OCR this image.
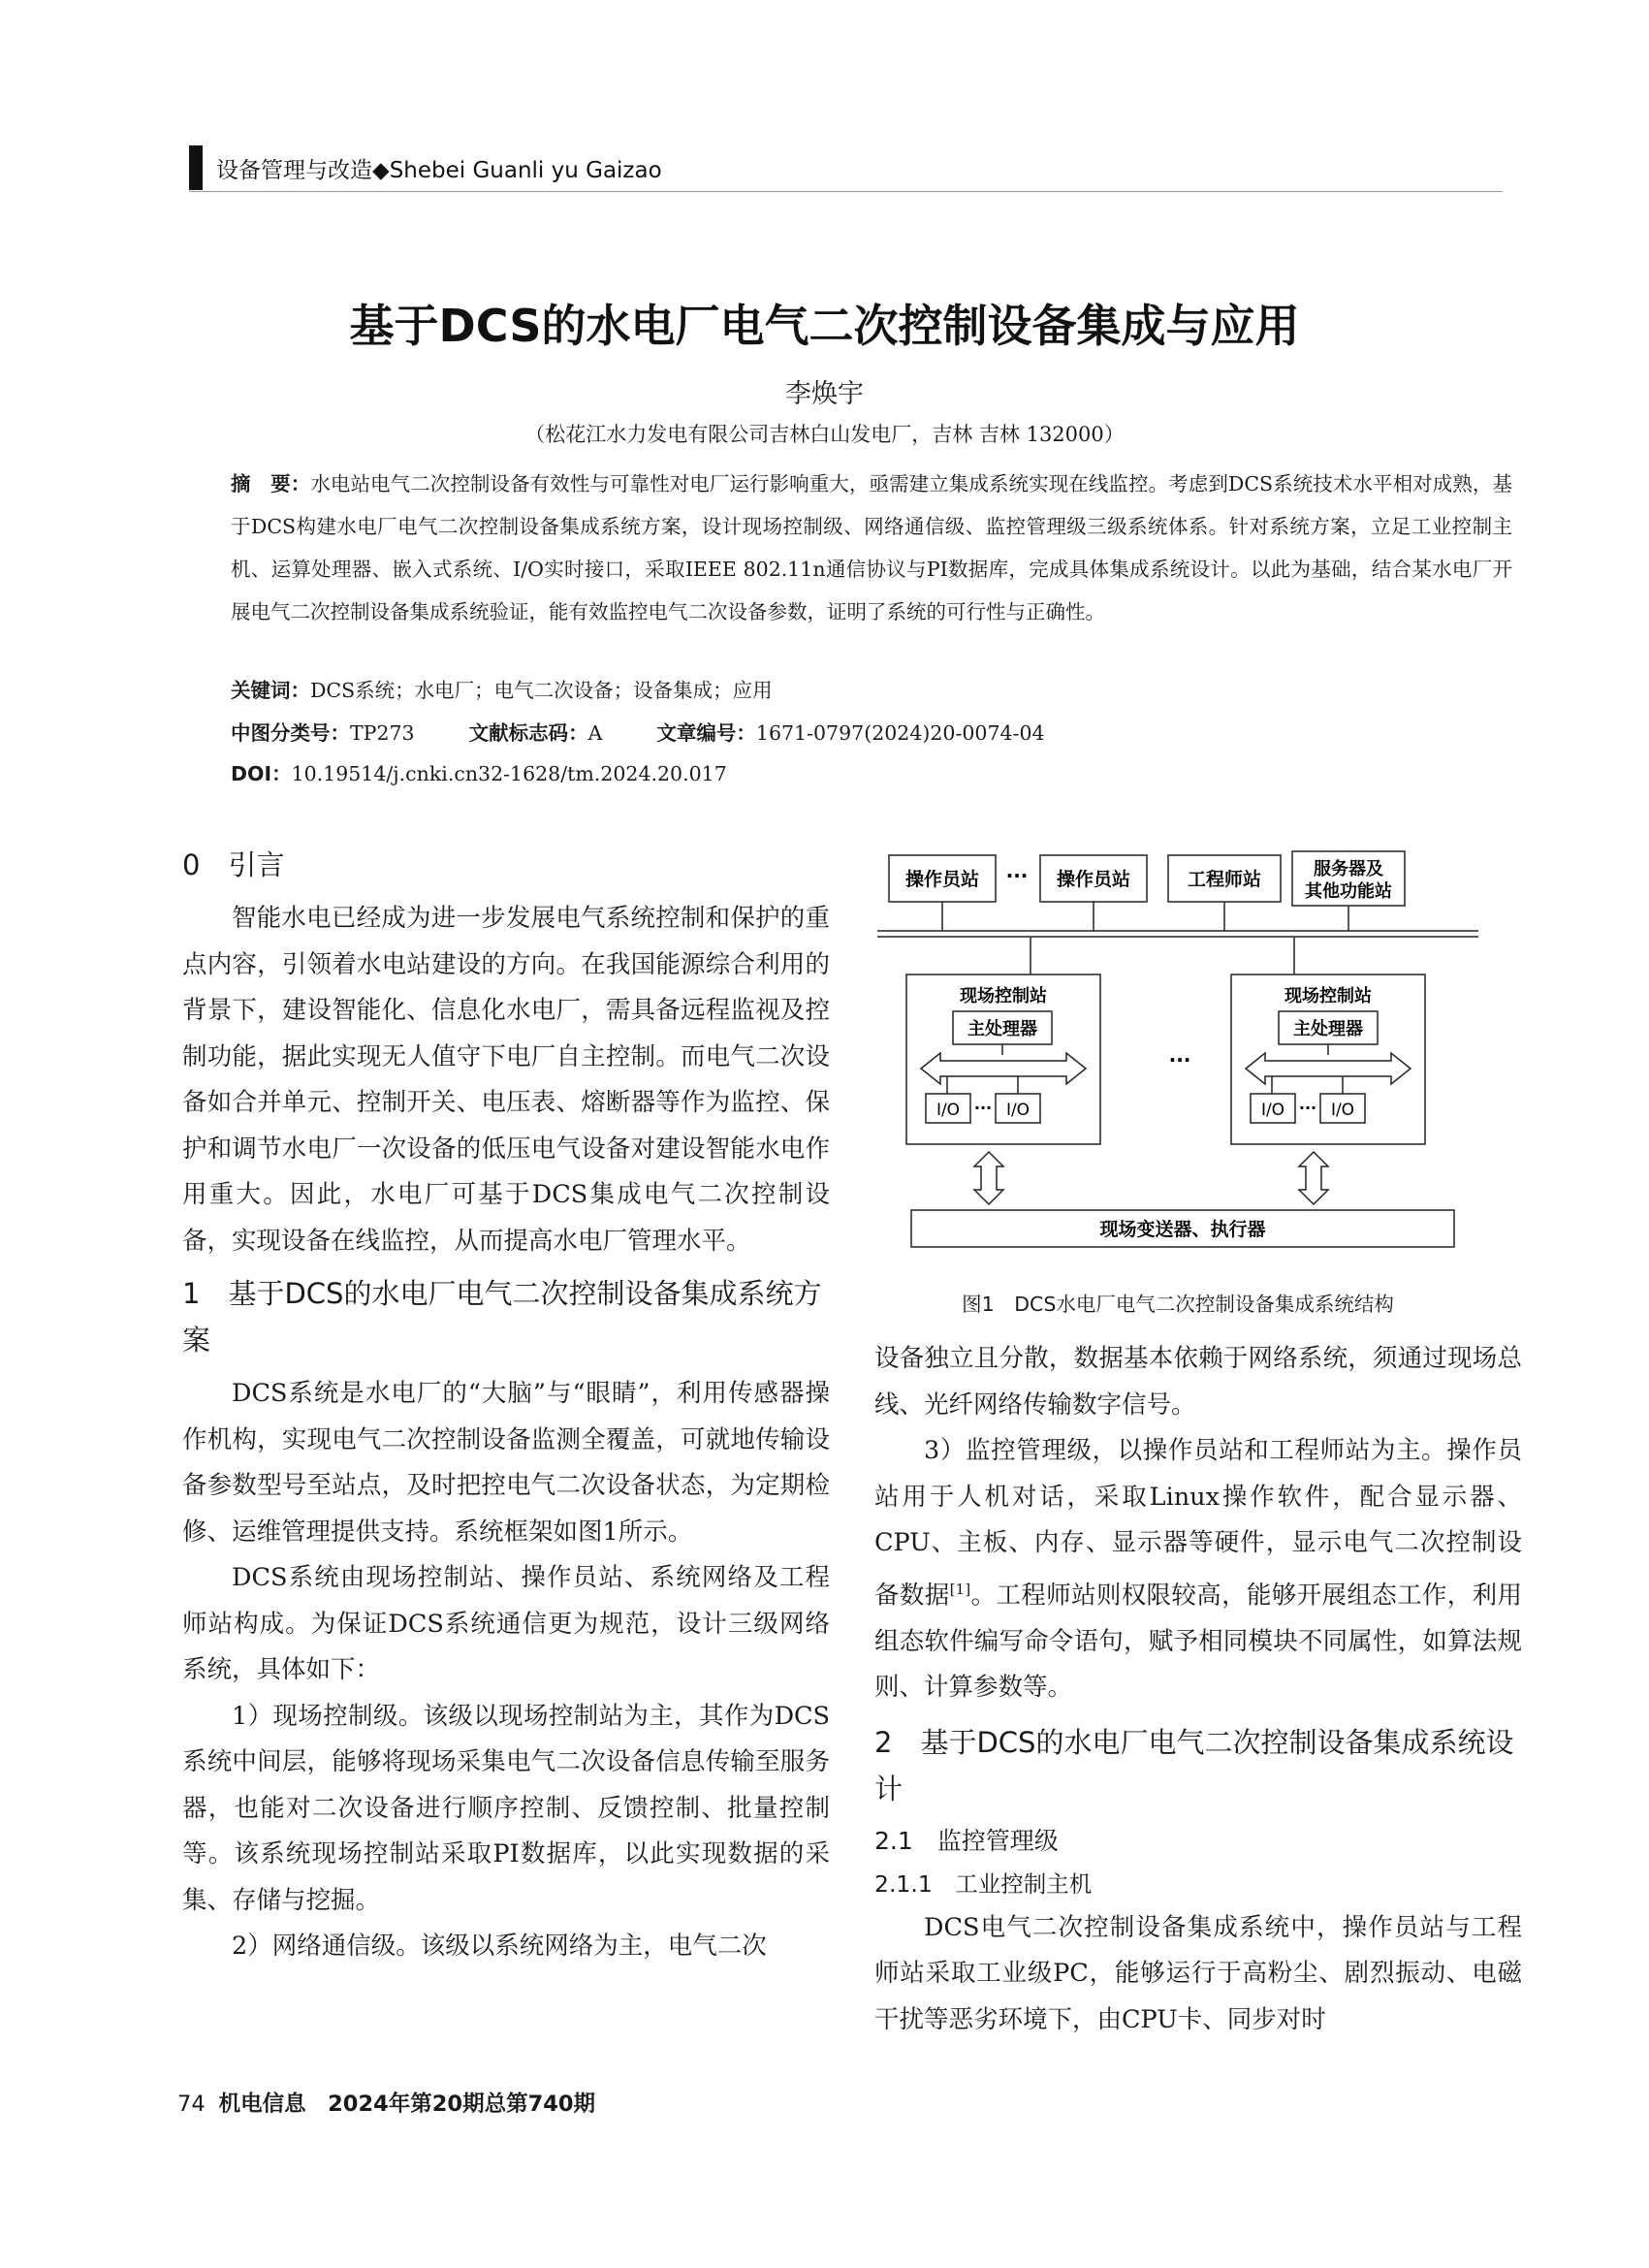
设备管理与改造◆Shebei Guanli yu Gaizao
基于DCS的水电厂电气二次控制设备集成与应用
李焕宇
（松花江水力发电有限公司吉林白山发电厂，吉林 吉林 132000）
摘　要：水电站电气二次控制设备有效性与可靠性对电厂运行影响重大，亟需建立集成系统实现在线监控。考虑到DCS系统技术水平相对成熟，基于DCS构建水电厂电气二次控制设备集成系统方案，设计现场控制级、网络通信级、监控管理级三级系统体系。针对系统方案，立足工业控制主机、运算处理器、嵌入式系统、I/O实时接口，采取IEEE 802.11n通信协议与PI数据库，完成具体集成系统设计。以此为基础，结合某水电厂开展电气二次控制设备集成系统验证，能有效监控电气二次设备参数，证明了系统的可行性与正确性。
关键词：DCS系统；水电厂；电气二次设备；设备集成；应用
中图分类号：TP273	文献标志码：A	文章编号：1671-0797(2024)20-0074-04
DOI：10.19514/j.cnki.cn32-1628/tm.2024.20.017
0　引言

智能水电已经成为进一步发展电气系统控制和保护的重点内容，引领着水电站建设的方向。在我国能源综合利用的背景下，建设智能化、信息化水电厂，需具备远程监视及控制功能，据此实现无人值守下电厂自主控制。而电气二次设备如合并单元、控制开关、电压表、熔断器等作为监控、保护和调节水电厂一次设备的低压电气设备对建设智能水电作用重大。因此，水电厂可基于DCS集成电气二次控制设备，实现设备在线监控，从而提高水电厂管理水平。

1　基于DCS的水电厂电气二次控制设备集成系统方案

DCS系统是水电厂的“大脑”与“眼睛”，利用传感器操作机构，实现电气二次控制设备监测全覆盖，可就地传输设备参数型号至站点，及时把控电气二次设备状态，为定期检修、运维管理提供支持。系统框架如图1所示。

DCS系统由现场控制站、操作员站、系统网络及工程师站构成。为保证DCS系统通信更为规范，设计三级网络系统，具体如下：

1）现场控制级。该级以现场控制站为主，其作为DCS系统中间层，能够将现场采集电气二次设备信息传输至服务器，也能对二次设备进行顺序控制、反馈控制、批量控制等。该系统现场控制站采取PI数据库，以此实现数据的采集、存储与挖掘。

2）网络通信级。该级以系统网络为主，电气二次

操作员站 ··· 操作员站	工程师站	服务器及
其他功能站
现场控制站
主处理器
I/O ··· I/O
···
现场控制站
主处理器
I/O ··· I/O
现场变送器、执行器
图1　DCS水电厂电气二次控制设备集成系统结构

设备独立且分散，数据基本依赖于网络系统，须通过现场总线、光纤网络传输数字信号。

3）监控管理级，以操作员站和工程师站为主。操作员站用于人机对话，采取Linux操作软件，配合显示器、CPU、主板、内存、显示器等硬件，显示电气二次控制设备数据[1]。工程师站则权限较高，能够开展组态工作，利用组态软件编写命令语句，赋予相同模块不同属性，如算法规则、计算参数等。

2　基于DCS的水电厂电气二次控制设备集成系统设计
2.1　监控管理级
2.1.1　工业控制主机

DCS电气二次控制设备集成系统中，操作员站与工程师站采取工业级PC，能够运行于高粉尘、剧烈振动、电磁干扰等恶劣环境下，由CPU卡、同步对时

74 机电信息　2024年第20期总第740期
